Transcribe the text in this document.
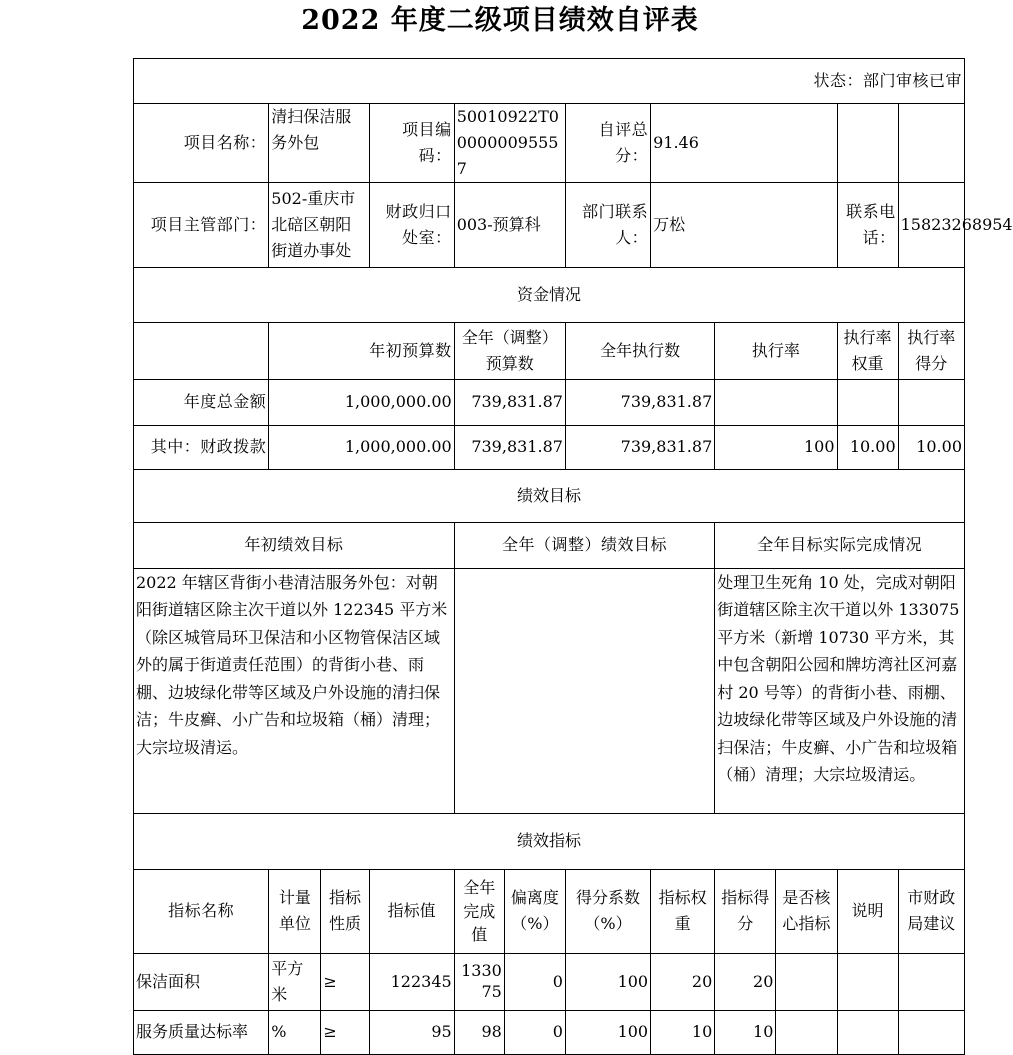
2022 年度二级项目绩效自评表
状态：部门审核已审											
项目名称：	清扫保洁服务外包		项目编码：	50010922T000000095557		自评总分：	91.46				
项目主管部门：	502-重庆市北碚区朝阳街道办事处		财政归口处室：	003-预算科		部门联系人：	万松			联系电话：	15823268954
资金情况											
	年初预算数			全年（调整）预算数		全年执行数		执行率		执行率权重	执行率得分
年度总金额	1,000,000.00			739,831.87		739,831.87					
其中：财政拨款	1,000,000.00			739,831.87		739,831.87		100		10.00	10.00
绩效目标											
年初绩效目标				全年（调整）绩效目标				全年目标实际完成情况			
2022 年辖区背街小巷清洁服务外包：对朝阳街道辖区除主次干道以外 122345 平方米（除区城管局环卫保洁和小区物管保洁区域外的属于街道责任范围）的背街小巷、雨棚、边坡绿化带等区域及户外设施的清扫保洁；牛皮癣、小广告和垃圾箱（桶）清理；大宗垃圾清运。								处理卫生死角 10 处，完成对朝阳街道辖区除主次干道以外 133075 平方米（新增 10730 平方米，其中包含朝阳公园和牌坊湾社区河嘉村 20 号等）的背街小巷、雨棚、边坡绿化带等区域及户外设施的清扫保洁；牛皮癣、小广告和垃圾箱（桶）清理；大宗垃圾清运。			
绩效指标											
指标名称	计量单位	指标性质	指标值	全年完成值	偏离度（%）	得分系数（%）	指标权重	指标得分	是否核心指标	说明	市财政局建议
保洁面积	平方米	≥	122345	133075	0	100	20	20			
服务质量达标率	%	≥	95	98	0	100	10	10			
